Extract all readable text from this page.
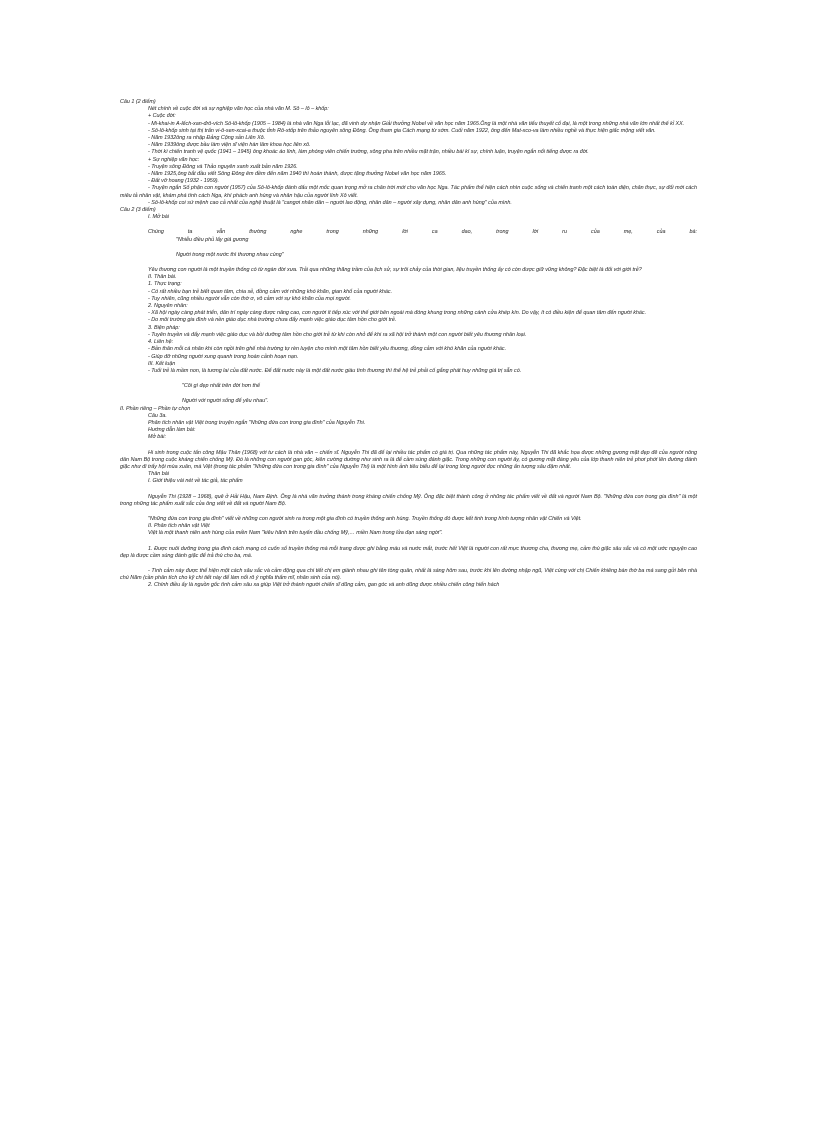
Câu 1 (2 điểm)

Nét chính về cuộc đời và sự nghiệp văn học của nhà văn M. Sô – lô – khốp:

+ Cuộc đời:

- Mi-khai-in A-lếch-xan-đrô-vích Sô-lô-khốp (1905 – 1984) là nhà văn Nga lỗi lạc, đã vinh dự nhận Giải thưởng Nobel về văn học năm 1965.Ông là một nhà văn tiểu thuyết cổ đại, là một trong những nhà văn lớn nhất thế kỉ XX.

- Sô-lô-khốp sinh tại thị trấn vi-ô-sen-xcai-a thuộc tỉnh Rô-xtốp trên thảo nguyên sông Đông. Ông tham gia Cách mạng từ sớm. Cuối năm 1922, ông đến Mat-xco-va làm nhiều nghề và thực hiện giấc mộng viết văn.

- Năm 1932ông ra nhập Đảng Cộng sản Liên Xô.

- Năm 1939ông được bầu làm viện sĩ viện hàn lâm khoa học liên xô.

- Thời kì chiến tranh vệ quốc (1941 – 1945) ông khoác áo lính, làm phóng viên chiến trường, xông pha trên nhiều mặt trận, nhiều bài kí sự, chính luận, truyện ngắn nổi tiếng được ra đời.

+ Sự nghiệp văn học:

- Truyện sông Đông và Thảo nguyên xanh xuất bản năm 1926.

- Năm 1925,ông bắt đầu viết Sông Đông êm đềm đến năm 1940 thì hoàn thành, được tặng thưởng Nobel văn học năm 1965.

- Đất vỡ hoang (1932 - 1959).

- Truyện ngắn Số phận con người (1957) của Sô-lô-khốp đánh dấu một mốc quan trọng mở ra chân trời mới cho văn học Nga. Tác phẩm thể hiện cách nhìn cuộc sống và chiến tranh một cách toàn diện, chân thực, sự đổi mới cách miêu tả nhân vật, khám phá tính cách Nga, khí phách anh hùng và nhân hậu của người lính Xô viết.

- Sô-lô-khốp coi sứ mệnh cao cả nhất của nghệ thuật là "cangơi nhân dân – người lao động, nhân dân – người xây dựng, nhân dân anh hùng" của mình.

Câu 2 (3 điểm)

I. Mở bài

Chúng	ta	vẫn	thường	nghe	trong	những	lời	ca	dao,	trong	lời	ru	của	mẹ,	của	bà:

"Nhiễu điều phủ lấy giá gương

Người trong một nước thì thương nhau cùng"

Yêu thương con người là một truyền thống có từ ngàn đời xưa. Trải qua những thăng trầm của lịch sử, sự trôi chảy của thời gian, liệu truyền thống ấy có còn được giữ vững không? Đặc biệt là đối với giới trẻ?

II. Thân bài.

1. Thực trạng:

- Có rất nhiều bạn trẻ biết quan tâm, chia sẻ, đồng cảm với những khó khăn, gian khổ của người khác.

- Tuy nhiên, cũng nhiều người vẫn còn thờ ơ, vô cảm với sự khó khăn của mọi người.

2. Nguyên nhân:

- Xã hội ngày càng phát triển, dân trí ngày càng được nâng cao, con người ít tiếp xúc với thế giới bên ngoài mà đóng khung trong những cánh cửa khép kín. Do vậy, ít có điều kiện để quan tâm đến người khác.

- Do môi trường gia đình và nền giáo dục nhà trường chưa đẩy mạnh việc giáo dục tâm hồn cho giới trẻ.

3. Biện pháp:

- Tuyên truyền và đẩy mạnh việc giáo dục và bồi dưỡng tâm hồn cho giới trẻ từ khi còn nhỏ để khi ra xã hội trở thành một con người biết yêu thương nhân loại.

4. Liên hệ:

- Bản thân mỗi cá nhân khi còn ngồi trên ghế nhà trường tự rèn luyện cho mình một tâm hồn biết yêu thương, đồng cảm với khó khăn của người khác.

- Giúp đỡ những người xung quanh trong hoàn cảnh hoạn nạn.

III. Kết luận

- Tuổi trẻ là mầm non, là tương lai của đất nước. Để đất nước này là một đất nước giàu tình thương thì thế hệ trẻ phải cố gắng phát huy những giá trị sẵn có.

"Cõi gì đẹp nhất trên đời hơn thế

Người với người sống để yêu nhau".

II. Phần riêng – Phần tự chọn

Câu 3a.

Phân tích nhân vật Việt trong truyện ngắn "Những đứa con trong gia đình" của Nguyễn Thi.

Hướng dẫn làm bài:

Mở bài:

Hi sinh trong cuộc tấn công Mậu Thân (1968) với tư cách là nhà văn – chiến sĩ. Nguyễn Thi đã để lại nhiều tác phẩm có giá trị. Qua những tác phẩm này, Nguyễn Thi đã khắc họa được những gương mặt đẹp đẽ của người nông dân Nam Bộ trong cuộc kháng chiến chống Mỹ. Đó là những con người gan góc, kiên cường dường như sinh ra là để cầm súng đánh giặc. Trong những con người ấy, có gương mặt đáng yêu của lớp thanh niên trẻ phơi phới lên đường đánh giặc như đi trẩy hội mùa xuân, mà Việt (trong tác phẩm "Những đứa con trong gia đình" của Nguyễn Thi) là một hình ảnh tiêu biểu để lại trong lòng người đọc những ấn tượng sâu đậm nhất.

Thân bài

I. Giới thiệu vài nét về tác giả, tác phẩm

Nguyễn Thi (1928 – 1968), quê ở Hải Hậu, Nam Định. Ông là nhà văn trưởng thành trong kháng chiến chống Mỹ. Ông đặc biệt thành công ở những tác phẩm viết về đất và người Nam Bộ. "Những đứa con trong gia đình" là một trong những tác phẩm xuất sắc của ông viết về đất và người Nam Bộ.

"Những đứa con trong gia đình" viết về những con người sinh ra trong một gia đình có truyền thống anh hùng. Truyền thống đó được kết tinh trong hình tượng nhân vật Chiến và Việt.

II. Phân tích nhân vật Việt

Việt là một thanh niên anh hùng của miền Nam "kiêu hãnh trên tuyến đầu chống Mỹ,… miền Nam trong lửa đạn sáng ngời".

1. Được nuôi dưỡng trong gia đình cách mạng có cuốn sổ truyền thống mà mỗi trang được ghi bằng máu và nước mắt, trước hết Việt là người con rất mực thương cha, thương mẹ, cảm thù giặc sâu sắc và có một ước nguyện cao đẹp là được cầm súng đánh giặc để trả thù cho ba, má.

- Tình cảm này được thể hiện một cách sâu sắc và cảm động qua chi tiết chị em giành nhau ghi tên tòng quân, nhất là sáng hôm sau, trước khi lên đường nhập ngũ, Việt cùng với chị Chiến khiêng bàn thờ ba má sang gửi bên nhà chú Năm (cần phân tích cho kỹ chi tiết này để làm nổi rõ ý nghĩa thẩm mĩ, nhân sinh của nó).

2. Chính điều ấy là nguồn gốc tình cảm sâu xa giúp Việt trở thành người chiến sĩ dũng cảm, gan góc và anh dũng được nhiều chiến công hiển hách
